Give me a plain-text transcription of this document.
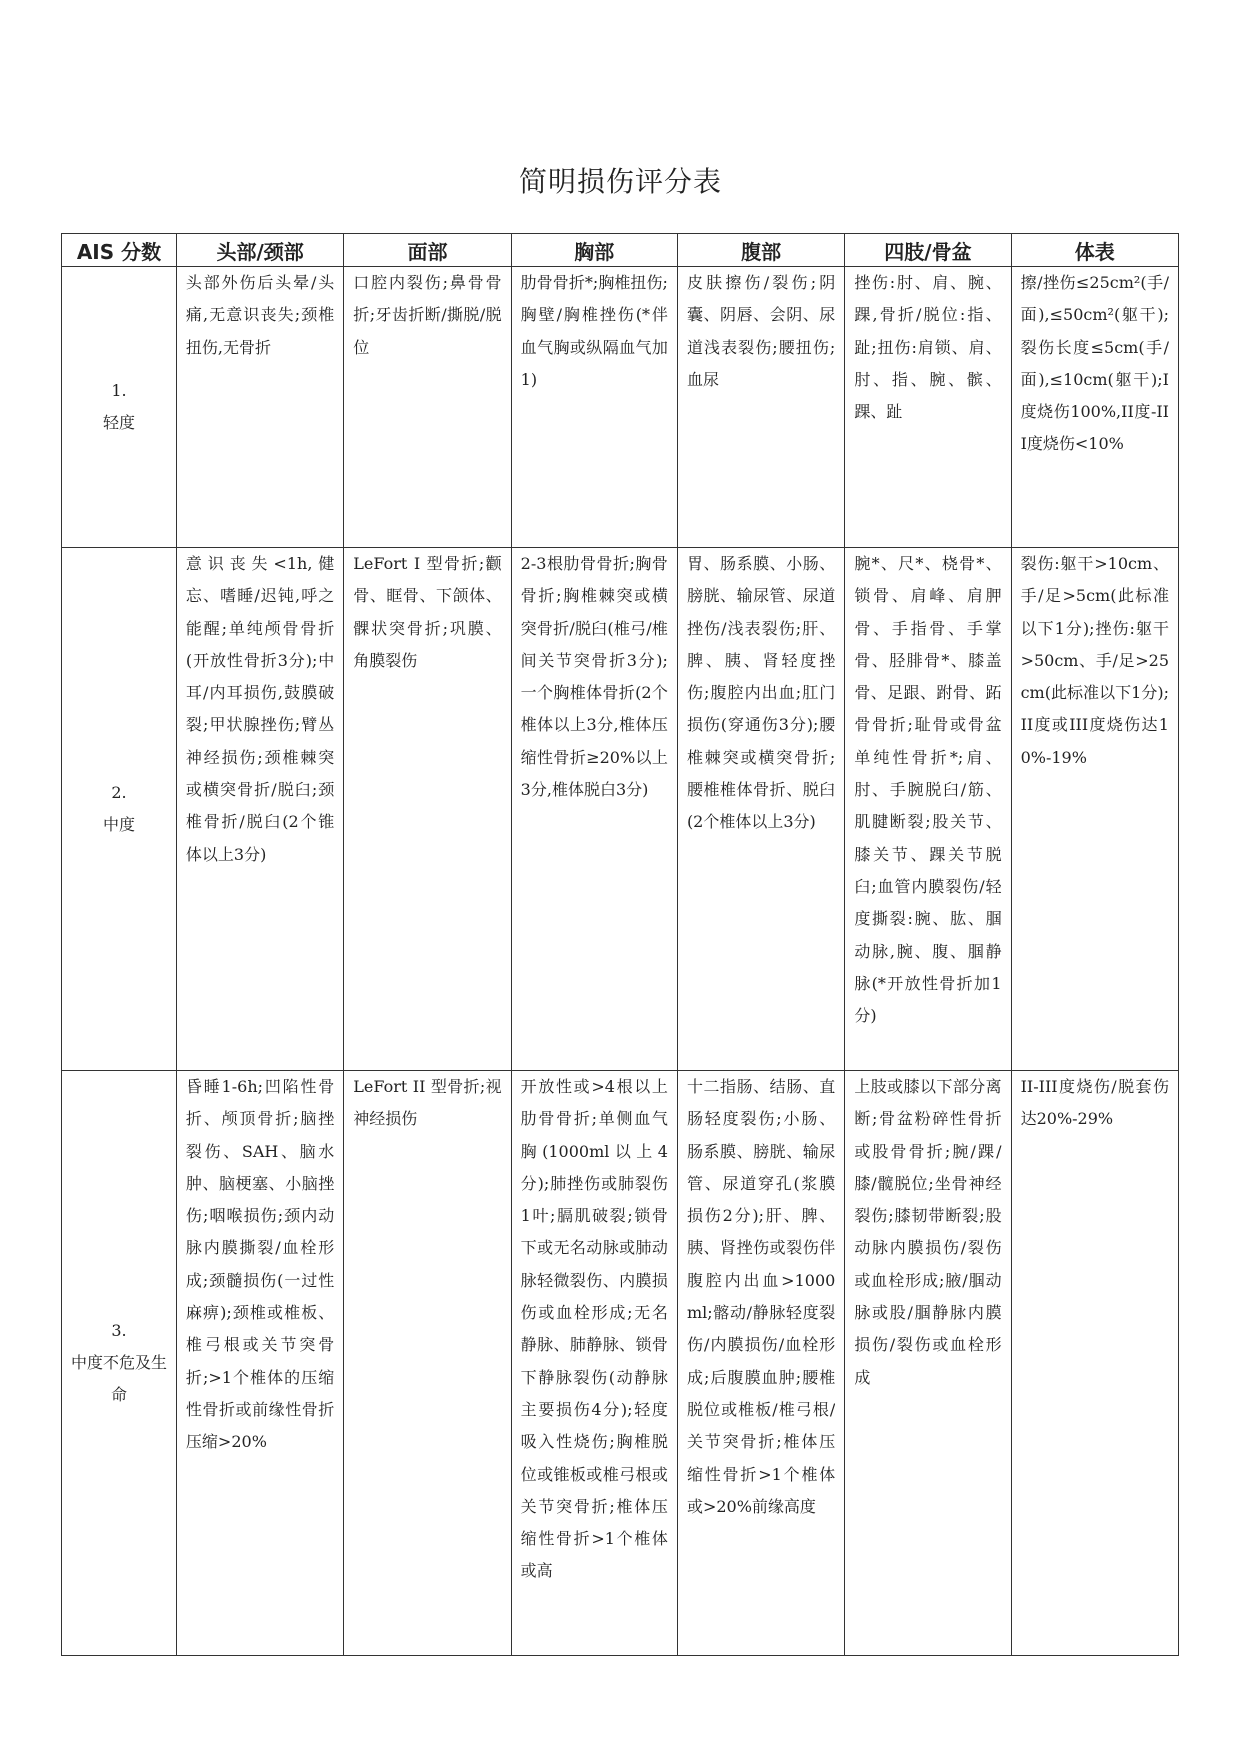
简明损伤评分表
AIS 分数	头部/颈部	面部	胸部	腹部	四肢/骨盆	体表

1.
轻度	头部外伤后头晕/头痛,无意识丧失;颈椎扭伤,无骨折	口腔内裂伤;鼻骨骨折;牙齿折断/撕脱/脱位	肋骨骨折*;胸椎扭伤;胸壁/胸椎挫伤(*伴血气胸或纵隔血气加1)	皮肤擦伤/裂伤;阴囊、阴唇、会阴、尿道浅表裂伤;腰扭伤;血尿	挫伤:肘、肩、腕、踝,骨折/脱位:指、趾;扭伤:肩锁、肩、肘、指、腕、髌、踝、趾	擦/挫伤≤25cm²(手/面),≤50cm²(躯干);裂伤长度≤5cm(手/面),≤10cm(躯干);I度烧伤100%,II度-III度烧伤<10%

2.
中度	意识丧失<1h,健忘、嗜睡/迟钝,呼之能醒;单纯颅骨骨折(开放性骨折3分);中耳/内耳损伤,鼓膜破裂;甲状腺挫伤;臂丛神经损伤;颈椎棘突或横突骨折/脱臼;颈椎骨折/脱臼(2个锥体以上3分)	LeFort I 型骨折;颧骨、眶骨、下颌体、髁状突骨折;巩膜、角膜裂伤	2-3根肋骨骨折;胸骨骨折;胸椎棘突或横突骨折/脱臼(椎弓/椎间关节突骨折3分);一个胸椎体骨折(2个椎体以上3分,椎体压缩性骨折≥20%以上3分,椎体脱白3分)	胃、肠系膜、小肠、膀胱、输尿管、尿道挫伤/浅表裂伤;肝、脾、胰、肾轻度挫伤;腹腔内出血;肛门损伤(穿通伤3分);腰椎棘突或横突骨折;腰椎椎体骨折、脱臼(2个椎体以上3分)	腕*、尺*、桡骨*、锁骨、肩峰、肩胛骨、手指骨、手掌骨、胫腓骨*、膝盖骨、足跟、跗骨、跖骨骨折;耻骨或骨盆单纯性骨折*;肩、肘、手腕脱臼/筋、肌腱断裂;股关节、膝关节、踝关节脱臼;血管内膜裂伤/轻度撕裂:腕、肱、腘动脉,腕、腹、腘静脉(*开放性骨折加1分)	裂伤:躯干>10cm、手/足>5cm(此标准以下1分);挫伤:躯干>50cm、手/足>25cm(此标准以下1分);II度或III度烧伤达10%-19%

3.
中度不危及生命	昏睡1-6h;凹陷性骨折、颅顶骨折;脑挫裂伤、SAH、脑水肿、脑梗塞、小脑挫伤;咽喉损伤;颈内动脉内膜撕裂/血栓形成;颈髓损伤(一过性麻痹);颈椎或椎板、椎弓根或关节突骨折;>1个椎体的压缩性骨折或前缘性骨折压缩>20%	LeFort II 型骨折;视神经损伤	开放性或>4根以上肋骨骨折;单侧血气胸(1000ml以上4分);肺挫伤或肺裂伤1叶;膈肌破裂;锁骨下或无名动脉或肺动脉轻微裂伤、内膜损伤或血栓形成;无名静脉、肺静脉、锁骨下静脉裂伤(动静脉主要损伤4分);轻度吸入性烧伤;胸椎脱位或锥板或椎弓根或关节突骨折;椎体压缩性骨折>1个椎体或高	十二指肠、结肠、直肠轻度裂伤;小肠、肠系膜、膀胱、输尿管、尿道穿孔(浆膜损伤2分);肝、脾、胰、肾挫伤或裂伤伴腹腔内出血>1000ml;髂动/静脉轻度裂伤/内膜损伤/血栓形成;后腹膜血肿;腰椎脱位或椎板/椎弓根/关节突骨折;椎体压缩性骨折>1个椎体或>20%前缘高度	上肢或膝以下部分离断;骨盆粉碎性骨折或股骨骨折;腕/踝/膝/髋脱位;坐骨神经裂伤;膝韧带断裂;股动脉内膜损伤/裂伤或血栓形成;腋/腘动脉或股/腘静脉内膜损伤/裂伤或血栓形成	II-III度烧伤/脱套伤达20%-29%
